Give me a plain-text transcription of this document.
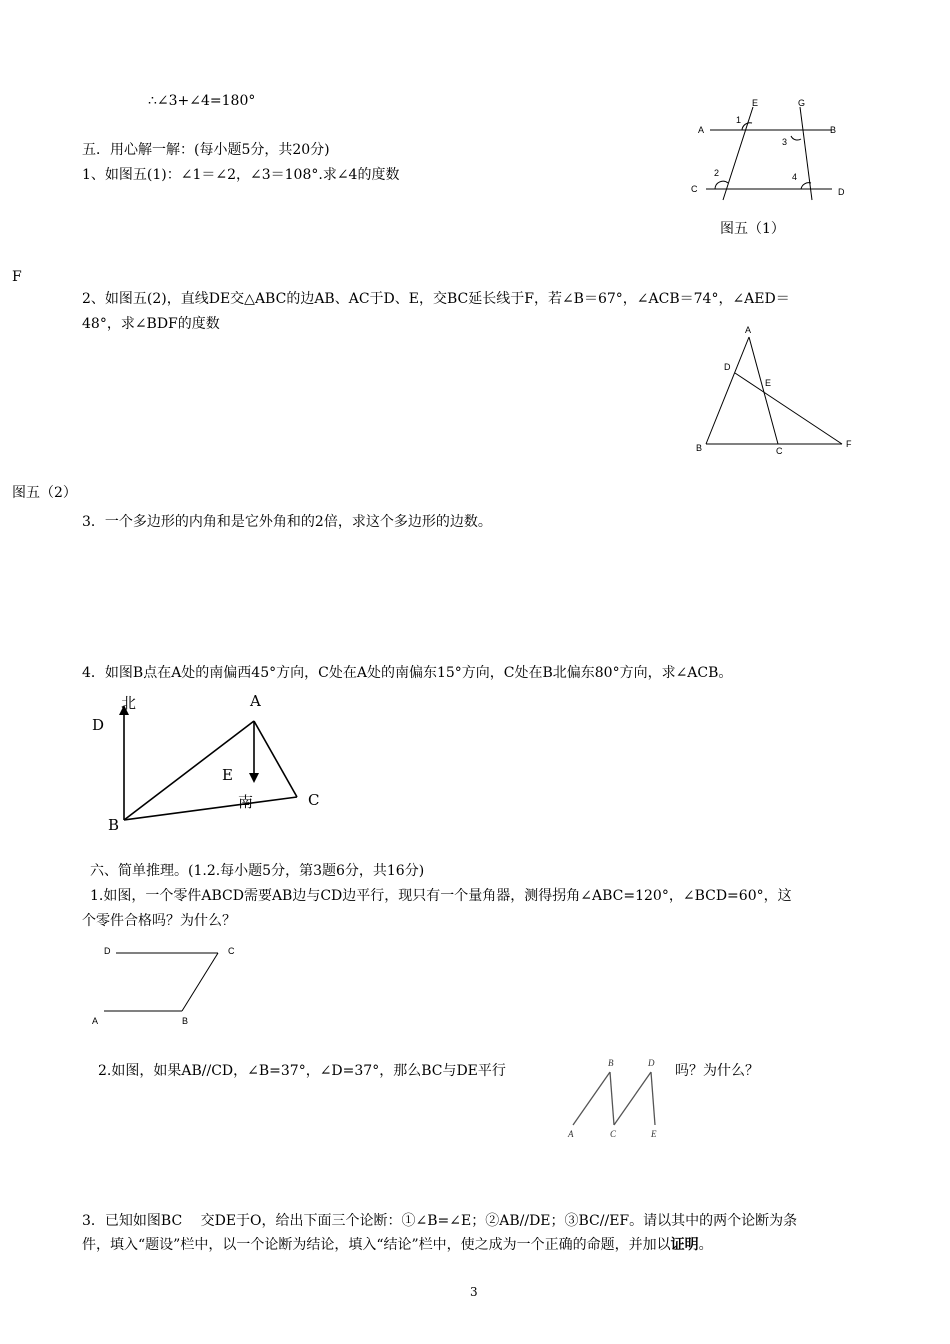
∴∠3+∠4=180°
五．用心解一解：(每小题5分，共20分)
1、如图五(1)：∠1＝∠2，∠3＝108°.求∠4的度数
A	B
C	D
E	G
1
2
3
4
图五（1）
F
2、如图五(2)，直线DE交△ABC的边AB、AC于D、E，交BC延长线于F，若∠B＝67°，∠ACB＝74°，∠AED＝
48°，求∠BDF的度数	A
B	C
D
E
F
图五（2）
3．一个多边形的内角和是它外角和的2倍，求这个多边形的边数。
4．如图B点在A处的南偏西45°方向，C处在A处的南偏东15°方向，C处在B北偏东80°方向，求∠ACB。
北	A
D
E
南	C
B
六、简单推理。(1.2.每小题5分，第3题6分，共16分)
1.如图，一个零件ABCD需要AB边与CD边平行，现只有一个量角器，测得拐角∠ABC=120°，∠BCD=60°，这
个零件合格吗？为什么？
D	C
A	B
2.如图，如果AB//CD，∠B=37°，∠D=37°，那么BC与DE平行	吗？为什么？
A
B
C
D
E
3．已知如图BC　 交DE于O，给出下面三个论断：①∠B=∠E；②AB//DE；③BC//EF。请以其中的两个论断为条
件，填入“题设”栏中，以一个论断为结论，填入“结论”栏中，使之成为一个正确的命题，并加以证明。
3
